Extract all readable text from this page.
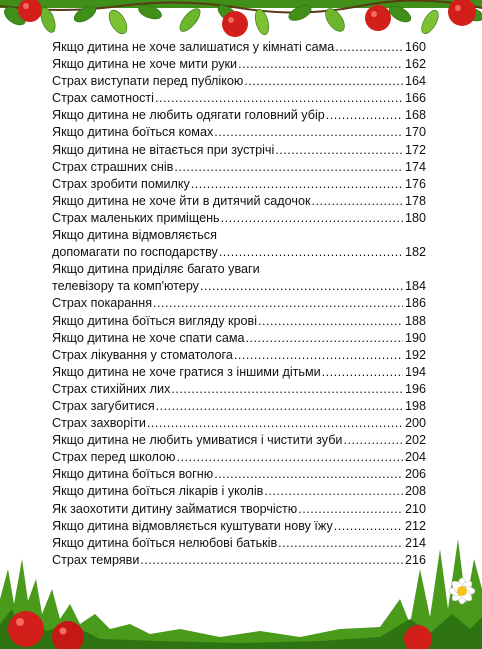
Якщо дитина не хоче залишатися у кімнаті сама .....	160
Якщо дитина не хоче мити руки .....	162
Страх виступати перед публікою .....	164
Страх самотності .....	166
Якщо дитина не любить одягати головний убір .....	168
Якщо дитина боїться комах .....	170
Якщо дитина не вітається при зустрічі .....	172
Страх страшних снів .....	174
Страх зробити помилку .....	176
Якщо дитина не хоче йти в дитячий садочок .....	178
Страх маленьких приміщень .....	180
Якщо дитина відмовляється
допомагати по господарству .....	182
Якщо дитина приділяє багато уваги
телевізору та комп'ютеру .....	184
Страх покарання .....	186
Якщо дитина боїться вигляду крові .....	188
Якщо дитина не хоче спати сама .....	190
Страх лікування у стоматолога .....	192
Якщо дитина не хоче гратися з іншими дітьми .....	194
Страх стихійних лих .....	196
Страх загубитися .....	198
Страх захворіти .....	200
Якщо дитина не любить умиватися і чистити зуби .....	202
Страх перед школою .....	204
Якщо дитина боїться вогню .....	206
Якщо дитина боїться лікарів і уколів .....	208
Як заохотити дитину займатися творчістю .....	210
Якщо дитина відмовляється куштувати нову їжу .....	212
Якщо дитина боїться нелюбові батьків .....	214
Страх темряви .....	216
